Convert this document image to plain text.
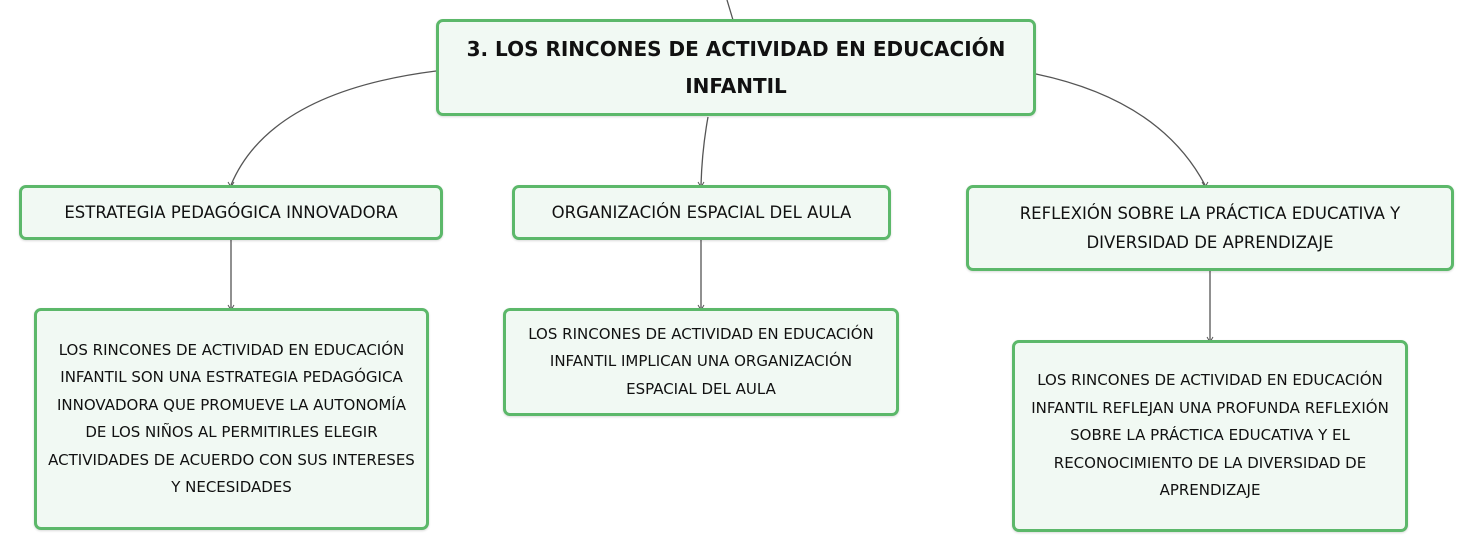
3. LOS RINCONES DE ACTIVIDAD EN EDUCACIÓN INFANTIL
ESTRATEGIA PEDAGÓGICA INNOVADORA	ORGANIZACIÓN ESPACIAL DEL AULA	REFLEXIÓN SOBRE LA PRÁCTICA EDUCATIVA Y DIVERSIDAD DE APRENDIZAJE
LOS RINCONES DE ACTIVIDAD EN EDUCACIÓN INFANTIL SON UNA ESTRATEGIA PEDAGÓGICA INNOVADORA QUE PROMUEVE LA AUTONOMÍA DE LOS NIÑOS AL PERMITIRLES ELEGIR ACTIVIDADES DE ACUERDO CON SUS INTERESES Y NECESIDADES
LOS RINCONES DE ACTIVIDAD EN EDUCACIÓN INFANTIL IMPLICAN UNA ORGANIZACIÓN ESPACIAL DEL AULA	LOS RINCONES DE ACTIVIDAD EN EDUCACIÓN INFANTIL REFLEJAN UNA PROFUNDA REFLEXIÓN SOBRE LA PRÁCTICA EDUCATIVA Y EL RECONOCIMIENTO DE LA DIVERSIDAD DE APRENDIZAJE
